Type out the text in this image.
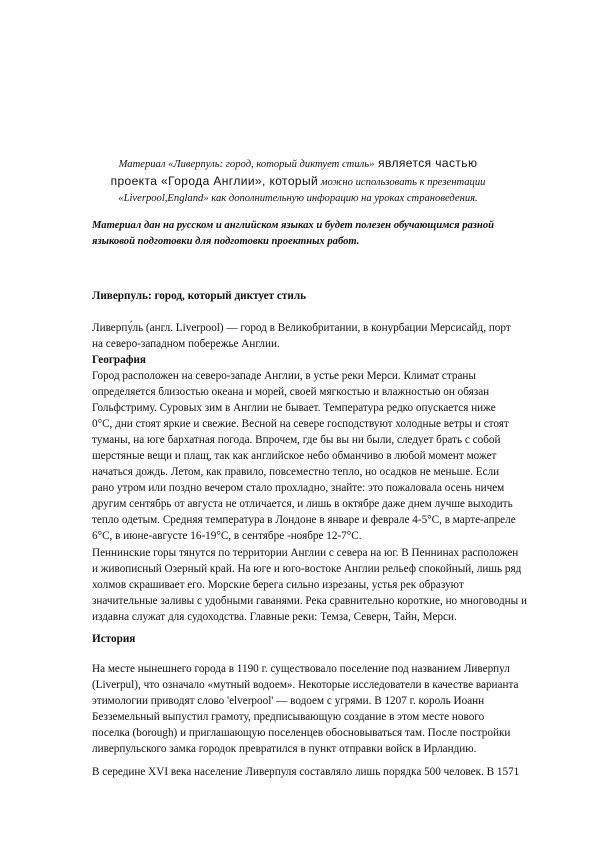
Материал «Ливерпуль: город, который диктует стиль» является частью
проекта «Города Англии», который можно использовать к презентации
«Liverpool,England» как дополнительную инфорацию на уроках страноведения.
Материал дан на русском и английском языках и будет полезен обучающимся разной
языковой подготовки для подготовки проектных работ.
Ливерпуль: город, который диктует стиль
Ливерпу́ль (англ. Liverpool) — город в Великобритании, в конурбации Мерсисайд, порт
на северо-западном побережье Англии.
География
Город расположен на северо-западе Англии, в устье реки Мерси. Климат страны
определяется близостью океана и морей, своей мягкостью и влажностью он обязан
Гольфстриму. Суровых зим в Англии не бывает. Температура редко опускается ниже
0°C, дни стоят яркие и свежие. Весной на севере господствуют холодные ветры и стоят
туманы, на юге бархатная погода. Впрочем, где бы вы ни были, следует брать с собой
шерстяные вещи и плащ, так как английское небо обманчиво в любой момент может
начаться дождь. Летом, как правило, повсеместно тепло, но осадков не меньше. Если
рано утром или поздно вечером стало прохладно, знайте: это пожаловала осень ничем
другим сентябрь от августа не отличается, и лишь в октябре даже днем лучше выходить
тепло одетым. Средняя температура в Лондоне в январе и феврале 4-5°C, в марте-апреле
6°C, в июне-августе 16-19°C, в сентябре -ноябре 12-7°C.
Пеннинские горы тянутся по территории Англии с севера на юг. В Пеннинах расположен
и живописный Озерный край. На юге и юго-востоке Англии рельеф спокойный, лишь ряд
холмов скрашивает его. Морские берега сильно изрезаны, устья рек образуют
значительные заливы с удобными гаванями. Река сравнительно короткие, но многоводны и
издавна служат для судоходства. Главные реки: Темза, Северн, Тайн, Мерси.
История
На месте нынешнего города в 1190 г. существовало поселение под названием Ливерпул
(Liverpul), что означало «мутный водоем». Некоторые исследователи в качестве варианта
этимологии приводят слово 'elverpool' — водоем с угрями. В 1207 г. король Иоанн
Безземельный выпустил грамоту, предписывающую создание в этом месте нового
поселка (borough) и приглашающую поселенцев обосновываться там. После постройки
ливерпульского замка городок превратился в пункт отправки войск в Ирландию.
В середине XVI века население Ливерпуля составляло лишь порядка 500 человек. В 1571
